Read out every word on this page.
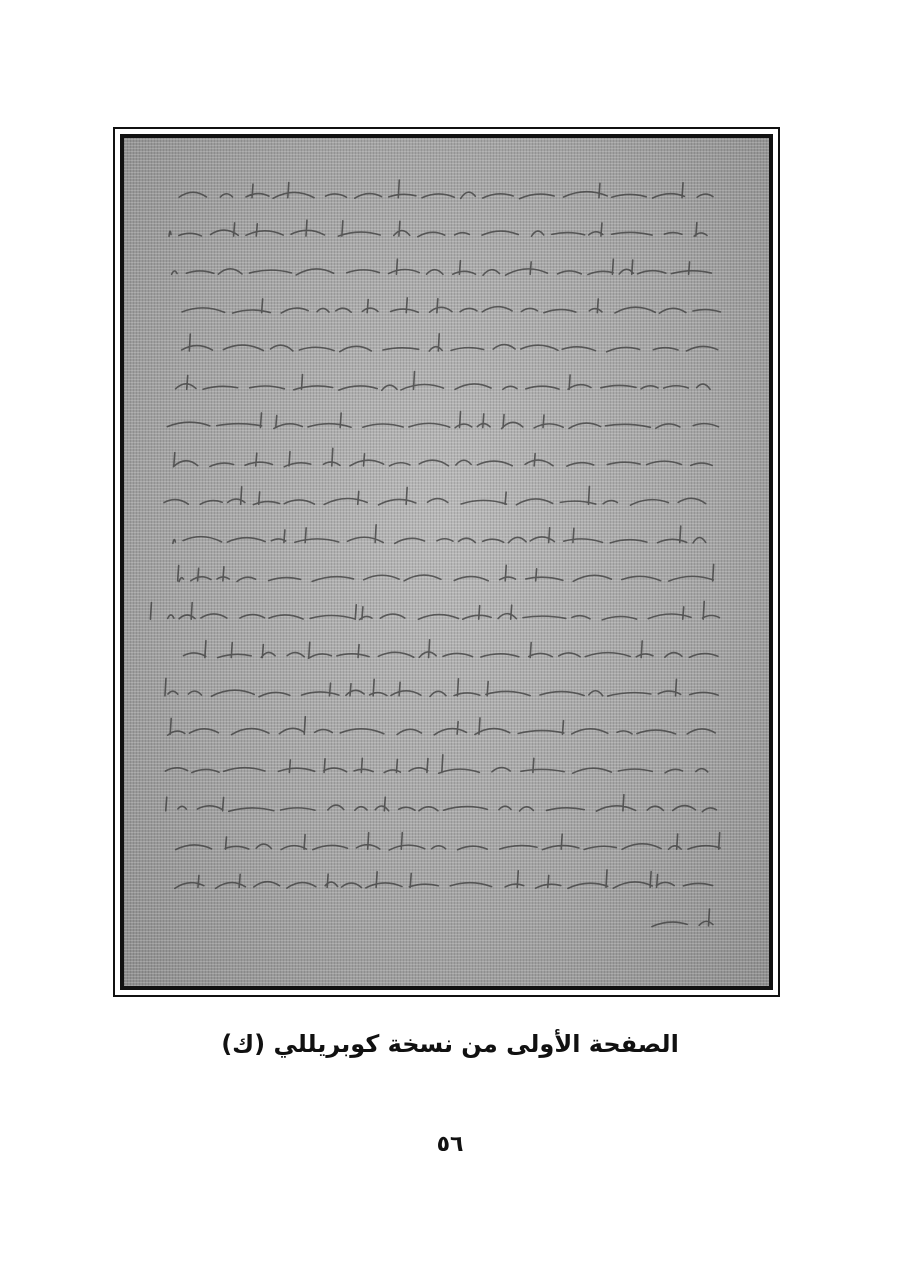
الصفحة الأولى من نسخة كوبريللي (ك)
٥٦
